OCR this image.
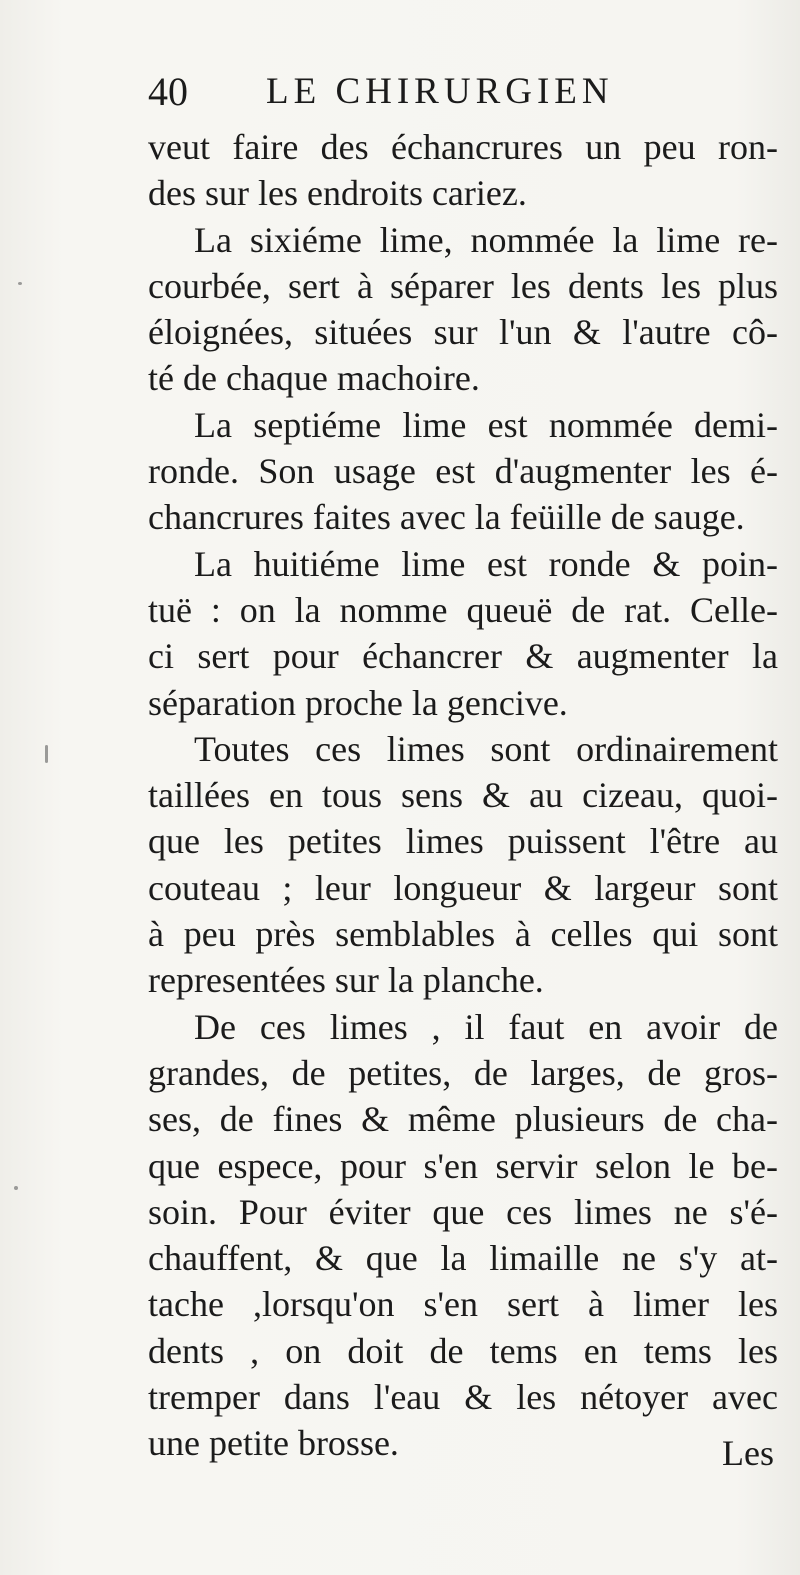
40 LE CHIRURGIEN
veut faire des échancrures un peu ron-
des sur les endroits cariez.
La sixiéme lime, nommée la lime re-
courbée, sert à séparer les dents les plus
éloignées, situées sur l'un & l'autre cô-
té de chaque machoire.
La septiéme lime est nommée demi-
ronde. Son usage est d'augmenter les é-
chancrures faites avec la feüille de sauge.
La huitiéme lime est ronde & poin-
tuë : on la nomme queuë de rat. Celle-
ci sert pour échancrer & augmenter la
séparation proche la gencive.
Toutes ces limes sont ordinairement
taillées en tous sens & au cizeau, quoi-
que les petites limes puissent l'être au
couteau ; leur longueur & largeur sont
à peu près semblables à celles qui sont
representées sur la planche.
De ces limes , il faut en avoir de
grandes, de petites, de larges, de gros-
ses, de fines & même plusieurs de cha-
que espece, pour s'en servir selon le be-
soin. Pour éviter que ces limes ne s'é-
chauffent, & que la limaille ne s'y at-
tache ,lorsqu'on s'en sert à limer les
dents , on doit de tems en tems les
tremper dans l'eau & les nétoyer avec
une petite brosse.	Les
